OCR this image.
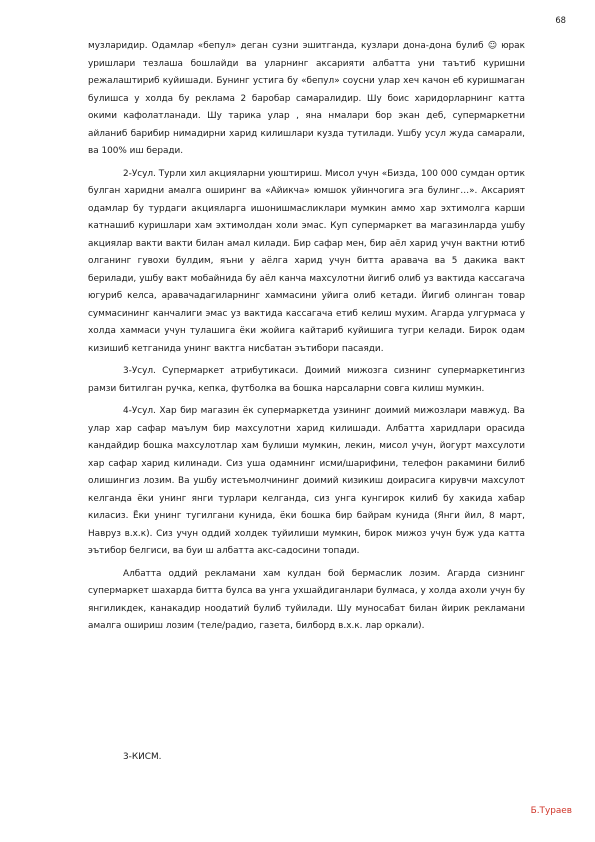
68

музларидир. Одамлар «бепул» деган сузни эшитганда, кузлари дона-дона булиб ☺ юрак уришлари тезлаша бошлайди ва уларнинг аксарияти албатта уни таътиб куришни режалаштириб куйишади. Бунинг устига бу «бепул» соусни улар хеч качон еб куришмаган булишса у холда бу реклама 2 баробар самаралидир. Шу боис харидорларнинг катта окими кафолатланади. Шу тарика улар , яна нмалари бор экан деб, супермаркетни айланиб барибир нимадирни харид килишлари кузда тутилади. Ушбу усул жуда самарали, ва 100% иш беради.

2-Усул. Турли хил акцияларни уюштириш. Мисол учун «Бизда, 100 000 сумдан ортик булган харидни амалга оширинг ва «Айикча» юмшок уйинчогига эга булинг…». Аксарият одамлар бу турдаги акцияларга ишонишмасликлари мумкин аммо хар эхтимолга карши катнашиб куришлари хам эхтимолдан холи эмас. Куп супермаркет ва магазинларда ушбу акциялар вакти вакти билан амал килади. Бир сафар мен, бир аёл харид учун вактни ютиб олганинг гувохи булдим, яъни у аёлга харид учун битта аравача ва 5 дакика вакт берилади, ушбу вакт мобайнида бу аёл канча махсулотни йигиб олиб уз вактида кассагача югуриб келса, аравачадагиларнинг хаммасини уйига олиб кетади. Йигиб олинган товар суммасининг канчалиги эмас уз вактида кассагача етиб келиш мухим. Агарда улгурмаса у холда хаммаси учун тулашига ёки жойига кайтариб куйишига тугри келади. Бирок одам кизишиб кетганида унинг вактга нисбатан эътибори пасаяди.

3-Усул. Супермаркет атрибутикаси. Доимий мижозга сизнинг супермаркетингиз рамзи битилган ручка, кепка, футболка ва бошка нарсаларни совга килиш мумкин.

4-Усул. Хар бир магазин ёк супермаркетда узининг доимий мижозлари мавжуд. Ва улар хар сафар маълум бир махсулотни харид килишади. Албатта харидлари орасида кандайдир бошка махсулотлар хам булиши мумкин, лекин, мисол учун, йогурт махсулоти хар сафар харид килинади. Сиз уша одамнинг исми/шарифини, телефон ракамини билиб олишингиз лозим. Ва ушбу истеъмолчининг доимий кизикиш доирасига кирувчи махсулот келганда ёки унинг янги турлари келганда, сиз унга кунгирок килиб бу хакида хабар киласиз. Ёки унинг тугилгани кунида, ёки бошка бир байрам кунида (Янги йил, 8 март, Навруз в.х.к). Сиз учун оддий холдек туйилиши мумкин, бирок мижоз учун буж уда катта эътибор белгиси, ва буи ш албатта акс-садосини топади.

Албатта оддий рекламани хам кулдан бой бермаслик лозим. Агарда сизнинг супермаркет шахарда битта булса ва унга ухшайдиганлари булмаса, у холда ахоли учун бу янгиликдек, канакадир ноодатий булиб туйилади. Шу муносабат билан йирик рекламани амалга ошириш лозим (теле/радио, газета, билборд в.х.к. лар оркали).

3-КИСМ.

Б.Тураев
